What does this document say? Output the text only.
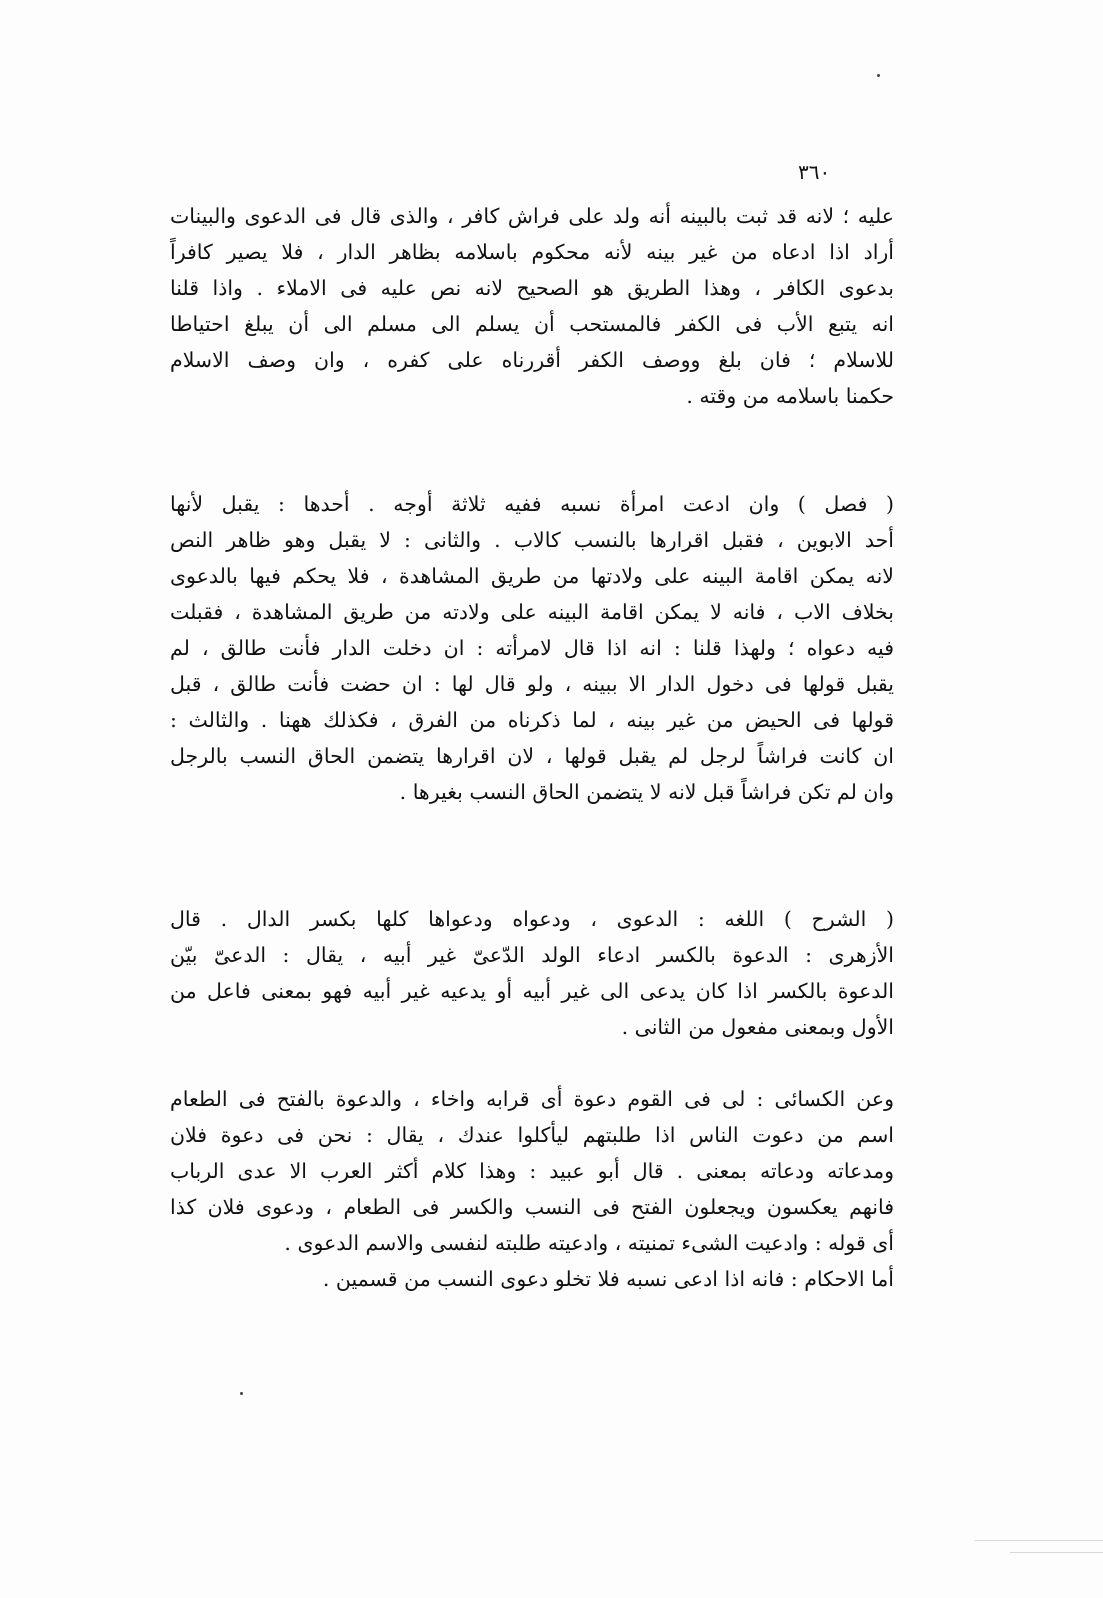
٣٦٠
عليه ؛ لانه قد ثبت بالبينه أنه ولد على فراش كافر ، والذى قال فى الدعوى والبينات
أراد اذا ادعاه من غير بينه لأنه محكوم باسلامه بظاهر الدار ، فلا يصير كافراً
بدعوى الكافر ، وهذا الطريق هو الصحيح لانه نص عليه فى الاملاء . واذا قلنا
انه يتبع الأب فى الكفر فالمستحب أن يسلم الى مسلم الى أن يبلغ احتياطا
للاسلام ؛ فان بلغ ووصف الكفر أقررناه على كفره ، وان وصف الاسلام
حكمنا باسلامه من وقته .
( فصل ) وان ادعت امرأة نسبه ففيه ثلاثة أوجه . أحدها : يقبل لأنها
أحد الابوين ، فقبل اقرارها بالنسب كالاب . والثانى : لا يقبل وهو ظاهر النص
لانه يمكن اقامة البينه على ولادتها من طريق المشاهدة ، فلا يحكم فيها بالدعوى
بخلاف الاب ، فانه لا يمكن اقامة البينه على ولادته من طريق المشاهدة ، فقبلت
فيه دعواه ؛ ولهذا قلنا : انه اذا قال لامرأته : ان دخلت الدار فأنت طالق ، لم
يقبل قولها فى دخول الدار الا ببينه ، ولو قال لها : ان حضت فأنت طالق ، قبل
قولها فى الحيض من غير بينه ، لما ذكرناه من الفرق ، فكذلك ههنا . والثالث :
ان كانت فراشاً لرجل لم يقبل قولها ، لان اقرارها يتضمن الحاق النسب بالرجل
وان لم تكن فراشاً قبل لانه لا يتضمن الحاق النسب بغيرها .
( الشرح ) اللغه : الدعوى ، ودعواه ودعواها كلها بكسر الدال . قال
الأزهرى : الدعوة بالكسر ادعاء الولد الدّعىّ غير أبيه ، يقال : الدعىّ بيّن
الدعوة بالكسر اذا كان يدعى الى غير أبيه أو يدعيه غير أبيه فهو بمعنى فاعل من
الأول وبمعنى مفعول من الثانى .
وعن الكسائى : لى فى القوم دعوة أى قرابه واخاء ، والدعوة بالفتح فى الطعام
اسم من دعوت الناس اذا طلبتهم ليأكلوا عندك ، يقال : نحن فى دعوة فلان
ومدعاته ودعاته بمعنى . قال أبو عبيد : وهذا كلام أكثر العرب الا عدى الرباب
فانهم يعكسون ويجعلون الفتح فى النسب والكسر فى الطعام ، ودعوى فلان كذا
أى قوله : وادعيت الشىء تمنيته ، وادعيته طلبته لنفسى والاسم الدعوى .
أما الاحكام : فانه اذا ادعى نسبه فلا تخلو دعوى النسب من قسمين .
